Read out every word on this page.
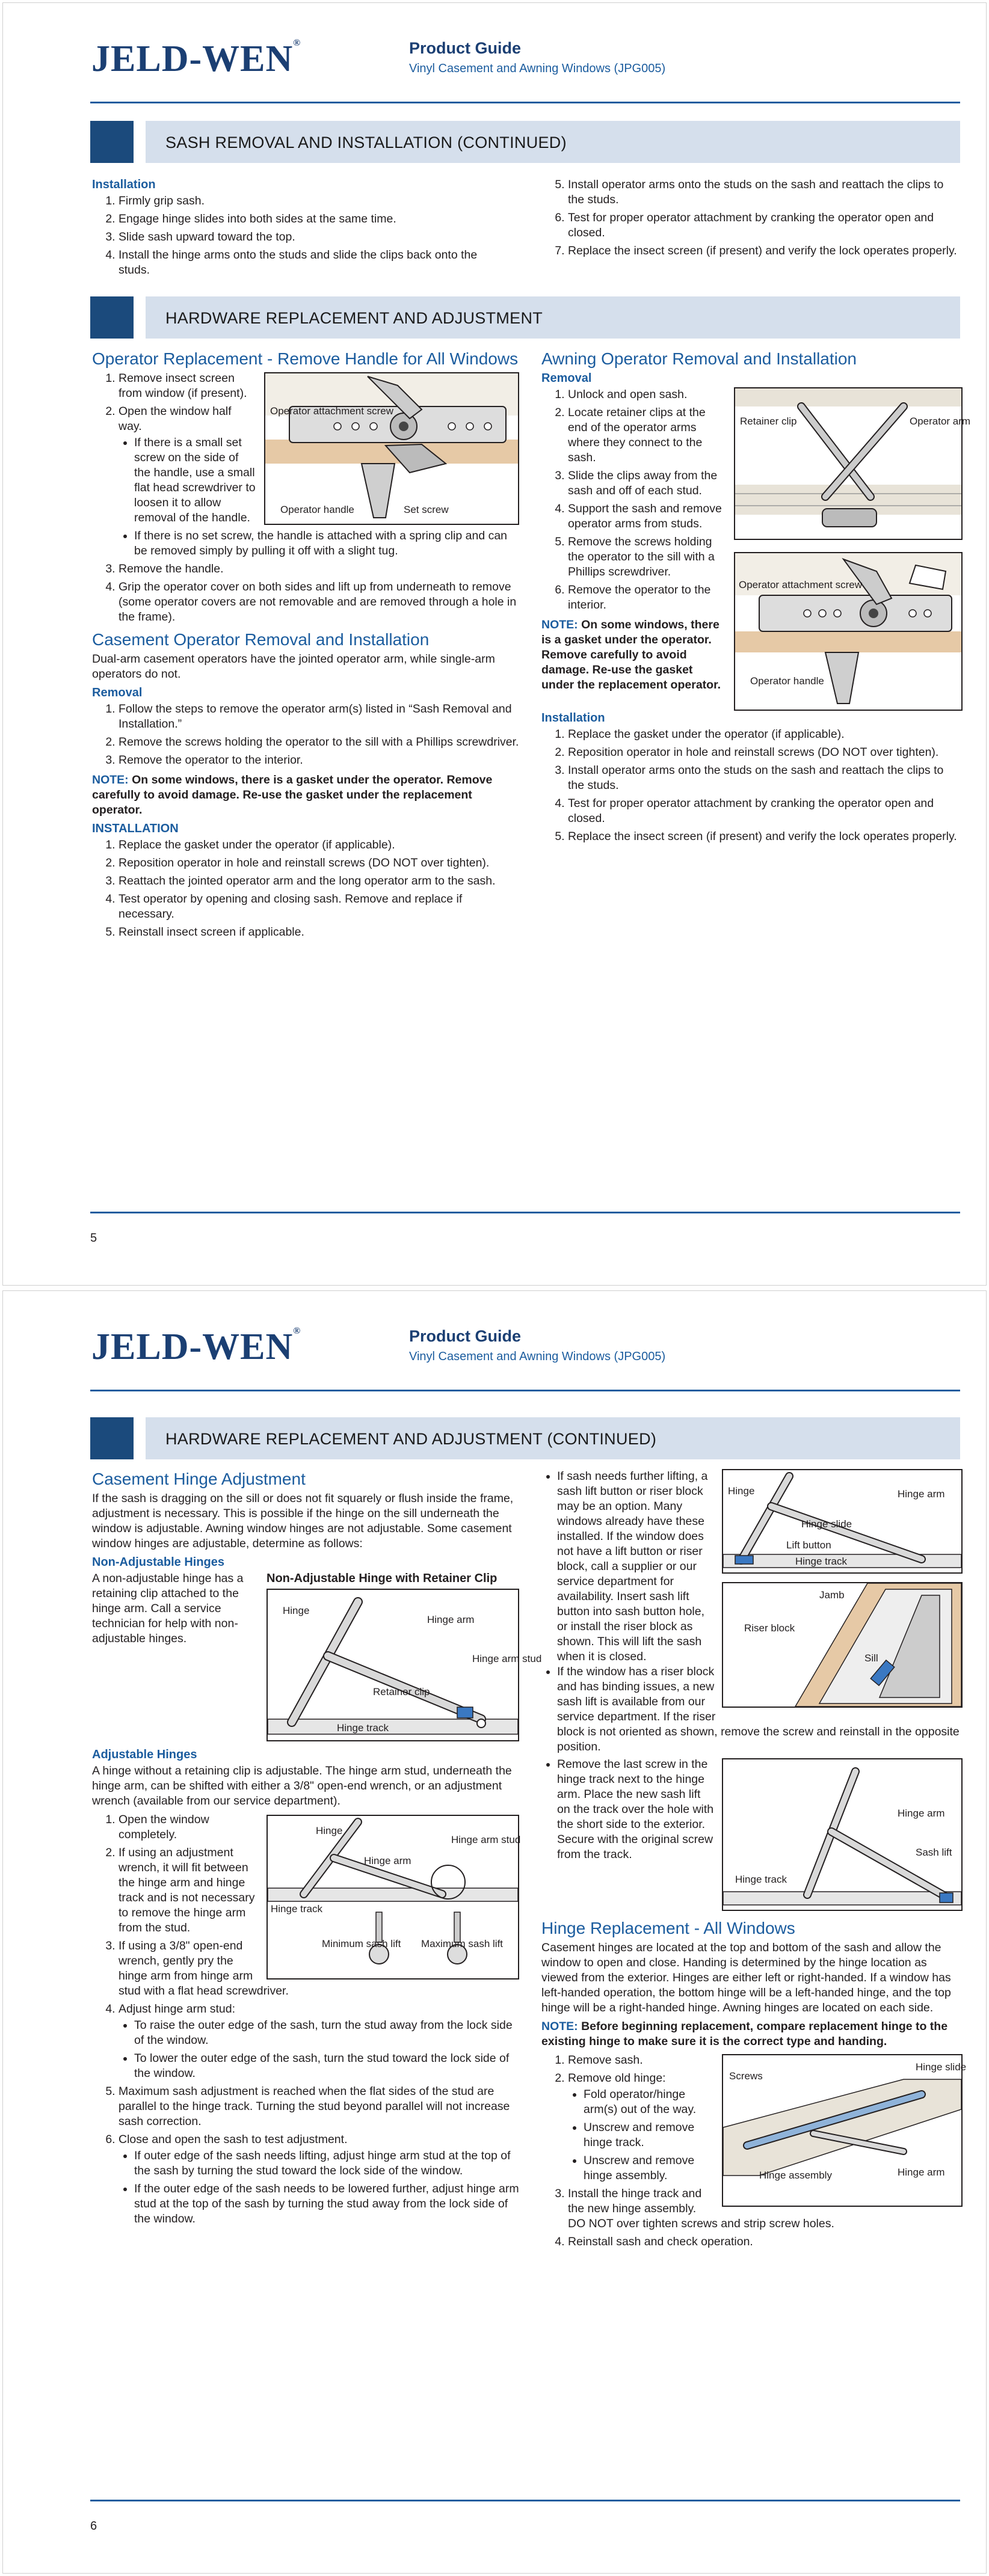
JELD-WEN®	Product Guide
Vinyl Casement and Awning Windows (JPG005)
SASH REMOVAL AND INSTALLATION (CONTINUED)
Installation
1. Firmly grip sash.
2. Engage hinge slides into both sides at the same time.
3. Slide sash upward toward the top.
4. Install the hinge arms onto the studs and slide the clips back onto the studs.
5. Install operator arms onto the studs on the sash and reattach the clips to the studs.
6. Test for proper operator attachment by cranking the operator open and closed.
7. Replace the insect screen (if present) and verify the lock operates properly.
HARDWARE REPLACEMENT AND ADJUSTMENT
Operator Replacement - Remove Handle for All Windows
Operator attachment screw
Operator handle	Set screw
1. Remove insect screen from window (if present).
2. Open the window half way.
• If there is a small set screw on the side of the handle, use a small flat head screwdriver to loosen it to allow removal of the handle.
• If there is no set screw, the handle is attached with a spring clip and can be removed simply by pulling it off with a slight tug.
3. Remove the handle.
4. Grip the operator cover on both sides and lift up from underneath to remove (some operator covers are not removable and are removed through a hole in the frame).
Casement Operator Removal and Installation

Dual-arm casement operators have the jointed operator arm, while single-arm operators do not.

Removal
1. Follow the steps to remove the operator arm(s) listed in “Sash Removal and Installation.”
2. Remove the screws holding the operator to the sill with a Phillips screwdriver.
3. Remove the operator to the interior.

NOTE: On some windows, there is a gasket under the operator. Remove carefully to avoid damage. Re-use the gasket under the replacement operator.

INSTALLATION
1. Replace the gasket under the operator (if applicable).
2. Reposition operator in hole and reinstall screws (DO NOT over tighten).
3. Reattach the jointed operator arm and the long operator arm to the sash.
4. Test operator by opening and closing sash. Remove and replace if necessary.
5. Reinstall insect screen if applicable.
Awning Operator Removal and Installation
Removal
Retainer clip	Operator arm
Operator attachment screw
Operator handle
1. Unlock and open sash.
2. Locate retainer clips at the end of the operator arms where they connect to the sash.
3. Slide the clips away from the sash and off of each stud.
4. Support the sash and remove operator arms from studs.
5. Remove the screws holding the operator to the sill with a Phillips screwdriver.
6. Remove the operator to the interior.

NOTE: On some windows, there is a gasket under the operator. Remove carefully to avoid damage. Re-use the gasket under the replacement operator.

Installation
1. Replace the gasket under the operator (if applicable).
2. Reposition operator in hole and reinstall screws (DO NOT over tighten).
3. Install operator arms onto the studs on the sash and reattach the clips to the studs.
4. Test for proper operator attachment by cranking the operator open and closed.
5. Replace the insect screen (if present) and verify the lock operates properly.
5
JELD-WEN®	Product Guide
Vinyl Casement and Awning Windows (JPG005)
HARDWARE REPLACEMENT AND ADJUSTMENT (CONTINUED)
Casement Hinge Adjustment

If the sash is dragging on the sill or does not fit squarely or flush inside the frame, adjustment is necessary. This is possible if the hinge on the sill underneath the window is adjustable. Awning window hinges are not adjustable. Some casement window hinges are adjustable, determine as follows:

Non-Adjustable Hinges
Non-Adjustable Hinge with Retainer Clip
Hinge
Hinge arm
Hinge arm stud
Retainer clip
Hinge track

A non-adjustable hinge has a retaining clip attached to the hinge arm. Call a service technician for help with non-adjustable hinges.

Adjustable Hinges

A hinge without a retaining clip is adjustable. The hinge arm stud, underneath the hinge arm, can be shifted with either a 3/8" open-end wrench, or an adjustment wrench (available from our service department).

Hinge
Hinge arm
Hinge arm stud
Hinge track
Minimum sash lift Maximum sash lift
1. Open the window completely.
2. If using an adjustment wrench, it will fit between the hinge arm and hinge track and is not necessary to remove the hinge arm from the stud.
3. If using a 3/8" open-end wrench, gently pry the hinge arm from hinge arm stud with a flat head screwdriver.
4. Adjust hinge arm stud:
• To raise the outer edge of the sash, turn the stud away from the lock side of the window.
• To lower the outer edge of the sash, turn the stud toward the lock side of the window.
5. Maximum sash adjustment is reached when the flat sides of the stud are parallel to the hinge track. Turning the stud beyond parallel will not increase sash correction.
6. Close and open the sash to test adjustment.
• If outer edge of the sash needs lifting, adjust hinge arm stud at the top of the sash by turning the stud toward the lock side of the window.
• If the outer edge of the sash needs to be lowered further, adjust hinge arm stud at the top of the sash by turning the stud away from the lock side of the window.
Hinge	Hinge arm
Hinge slide
Lift button
Hinge track
Jamb
Riser block
Sill
• If sash needs further lifting, a sash lift button or riser block may be an option. Many windows already have these installed. If the window does not have a lift button or riser block, call a supplier or our service department for availability. Insert sash lift button into sash button hole, or install the riser block as shown. This will lift the sash when it is closed.
• If the window has a riser block and has binding issues, a new sash lift is available from our service department. If the riser block is not oriented as shown, remove the screw and reinstall in the opposite position.
Hinge arm
Sash lift
Hinge track
• Remove the last screw in the hinge track next to the hinge arm. Place the new sash lift on the track over the hole with the short side to the exterior. Secure with the original screw from the track.
Hinge Replacement - All Windows

Casement hinges are located at the top and bottom of the sash and allow the window to open and close. Handing is determined by the hinge location as viewed from the exterior. Hinges are either left or right-handed. If a window has left-handed operation, the bottom hinge will be a left-handed hinge, and the top hinge will be a right-handed hinge. Awning hinges are located on each side.

NOTE: Before beginning replacement, compare replacement hinge to the existing hinge to make sure it is the correct type and handing.

Screws
Hinge slide
Hinge assembly	Hinge arm
1. Remove sash.
2. Remove old hinge:
• Fold operator/hinge arm(s) out of the way.
• Unscrew and remove hinge track.
• Unscrew and remove hinge assembly.
3. Install the hinge track and the new hinge assembly. DO NOT over tighten screws and strip screw holes.
4. Reinstall sash and check operation.
6
